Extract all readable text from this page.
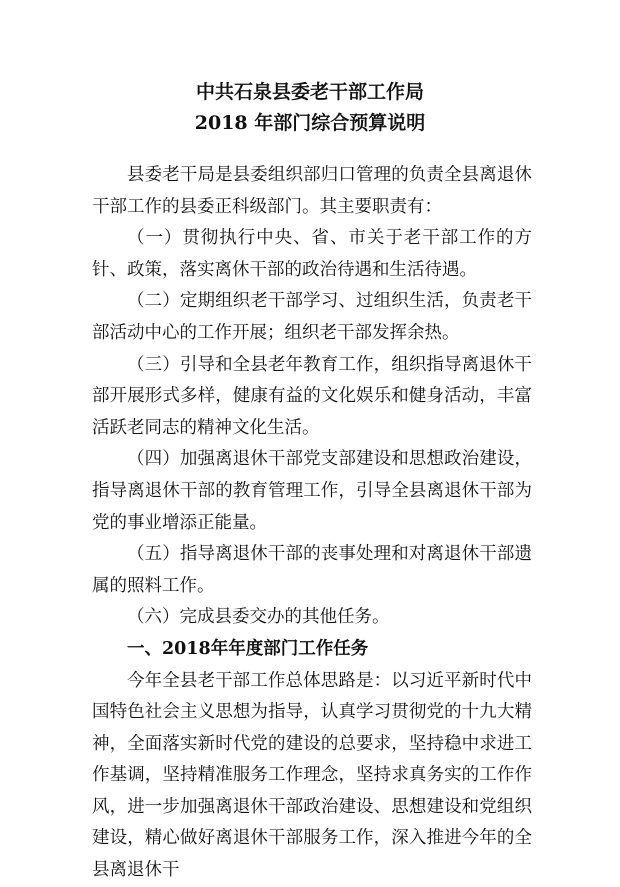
中共石泉县委老干部工作局
2018 年部门综合预算说明

县委老干局是县委组织部归口管理的负责全县离退休干部工作的县委正科级部门。其主要职责有：

（一）贯彻执行中央、省、市关于老干部工作的方针、政策，落实离休干部的政治待遇和生活待遇。

（二）定期组织老干部学习、过组织生活，负责老干部活动中心的工作开展；组织老干部发挥余热。

（三）引导和全县老年教育工作，组织指导离退休干部开展形式多样，健康有益的文化娱乐和健身活动，丰富活跃老同志的精神文化生活。

（四）加强离退休干部党支部建设和思想政治建设，指导离退休干部的教育管理工作，引导全县离退休干部为党的事业增添正能量。

（五）指导离退休干部的丧事处理和对离退休干部遗属的照料工作。

（六）完成县委交办的其他任务。

一、2018年年度部门工作任务

今年全县老干部工作总体思路是：以习近平新时代中国特色社会主义思想为指导，认真学习贯彻党的十九大精神，全面落实新时代党的建设的总要求，坚持稳中求进工作基调，坚持精准服务工作理念，坚持求真务实的工作作风，进一步加强离退休干部政治建设、思想建设和党组织建设，精心做好离退休干部服务工作，深入推进今年的全县离退休干
